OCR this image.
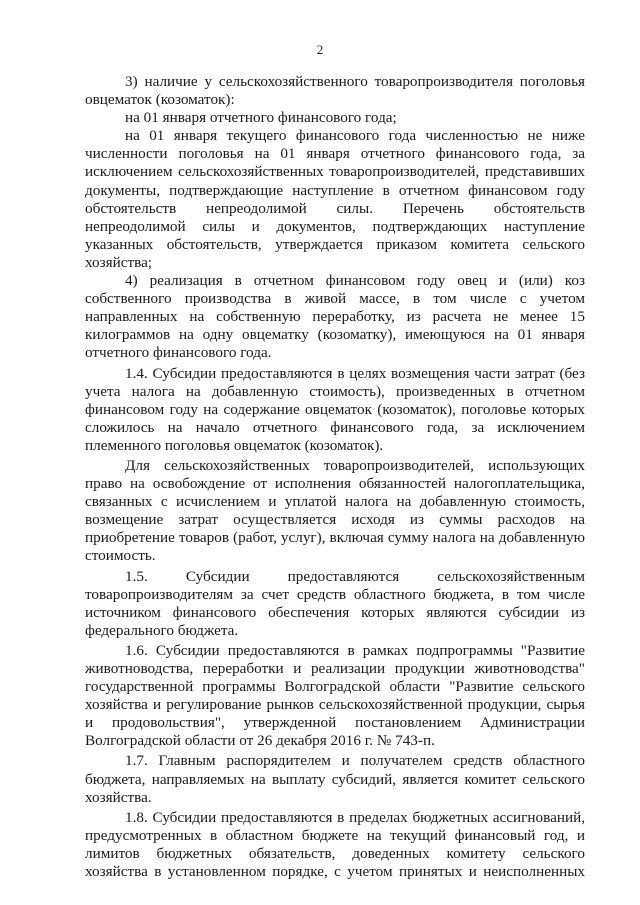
2

3) наличие у сельскохозяйственного товаропроизводителя поголовья овцематок (козоматок):

на 01 января отчетного финансового года;

на 01 января текущего финансового года численностью не ниже численности поголовья на 01 января отчетного финансового года, за исключением сельскохозяйственных товаропроизводителей, представивших документы, подтверждающие наступление в отчетном финансовом году обстоятельств непреодолимой силы. Перечень обстоятельств непреодолимой силы и документов, подтверждающих наступление указанных обстоятельств, утверждается приказом комитета сельского хозяйства;

4) реализация в отчетном финансовом году овец и (или) коз собственного производства в живой массе, в том числе с учетом направленных на собственную переработку, из расчета не менее 15 килограммов на одну овцематку (козоматку), имеющуюся на 01 января отчетного финансового года.

1.4. Субсидии предоставляются в целях возмещения части затрат (без учета налога на добавленную стоимость), произведенных в отчетном финансовом году на содержание овцематок (козоматок), поголовье которых сложилось на начало отчетного финансового года, за исключением племенного поголовья овцематок (козоматок).

Для сельскохозяйственных товаропроизводителей, использующих право на освобождение от исполнения обязанностей налогоплательщика, связанных с исчислением и уплатой налога на добавленную стоимость, возмещение затрат осуществляется исходя из суммы расходов на приобретение товаров (работ, услуг), включая сумму налога на добавленную стоимость.

1.5. Субсидии предоставляются сельскохозяйственным товаропроизводителям за счет средств областного бюджета, в том числе источником финансового обеспечения которых являются субсидии из федерального бюджета.

1.6. Субсидии предоставляются в рамках подпрограммы "Развитие животноводства, переработки и реализации продукции животноводства" государственной программы Волгоградской области "Развитие сельского хозяйства и регулирование рынков сельскохозяйственной продукции, сырья и продовольствия", утвержденной постановлением Администрации Волгоградской области от 26 декабря 2016 г. № 743-п.

1.7. Главным распорядителем и получателем средств областного бюджета, направляемых на выплату субсидий, является комитет сельского хозяйства.

1.8. Субсидии предоставляются в пределах бюджетных ассигнований, предусмотренных в областном бюджете на текущий финансовый год, и лимитов бюджетных обязательств, доведенных комитету сельского хозяйства в установленном порядке, с учетом принятых и неисполненных
